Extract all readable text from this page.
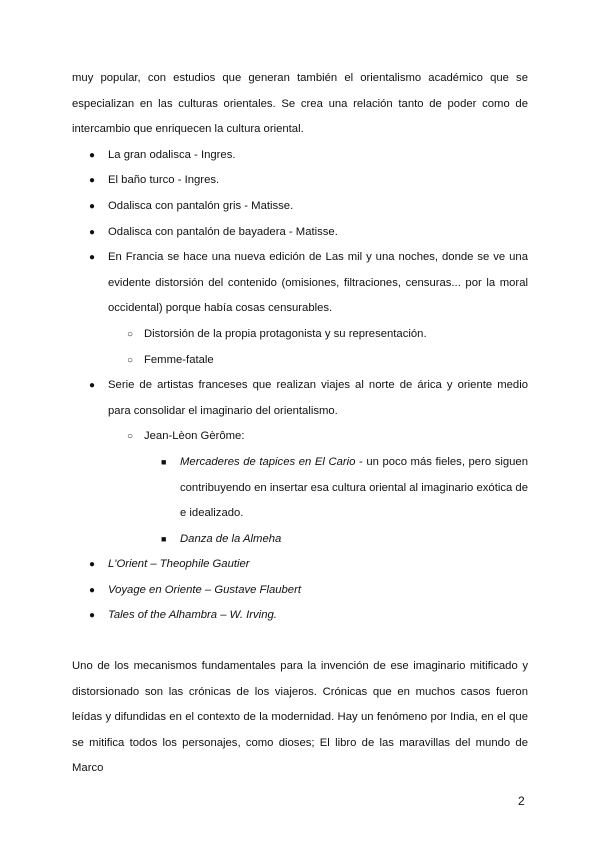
muy popular, con estudios que generan también el orientalismo académico que se especializan en las culturas orientales. Se crea una relación tanto de poder como de intercambio que enriquecen la cultura oriental.

● La gran odalisca - Ingres.
● El baño turco - Ingres.
● Odalisca con pantalón gris - Matisse.
● Odalisca con pantalón de bayadera - Matisse.
● En Francia se hace una nueva edición de Las mil y una noches, donde se ve una evidente distorsión del contenido (omisiones, filtraciones, censuras... por la moral occidental) porque había cosas censurables.
○ Distorsión de la propia protagonista y su representación.
○ Femme-fatale
● Serie de artistas franceses que realizan viajes al norte de árica y oriente medio para consolidar el imaginario del orientalismo.
○ Jean-Lèon Gèrôme:
■ Mercaderes de tapices en El Cario - un poco más fieles, pero siguen contribuyendo en insertar esa cultura oriental al imaginario exótica de e idealizado.
■ Danza de la Almeha
● L'Orient – Theophile Gautier
● Voyage en Oriente – Gustave Flaubert
● Tales of the Alhambra – W. Irving.

Uno de los mecanismos fundamentales para la invención de ese imaginario mitificado y distorsionado son las crónicas de los viajeros. Crónicas que en muchos casos fueron leídas y difundidas en el contexto de la modernidad. Hay un fenómeno por India, en el que se mitifica todos los personajes, como dioses; El libro de las maravillas del mundo de Marco

2
